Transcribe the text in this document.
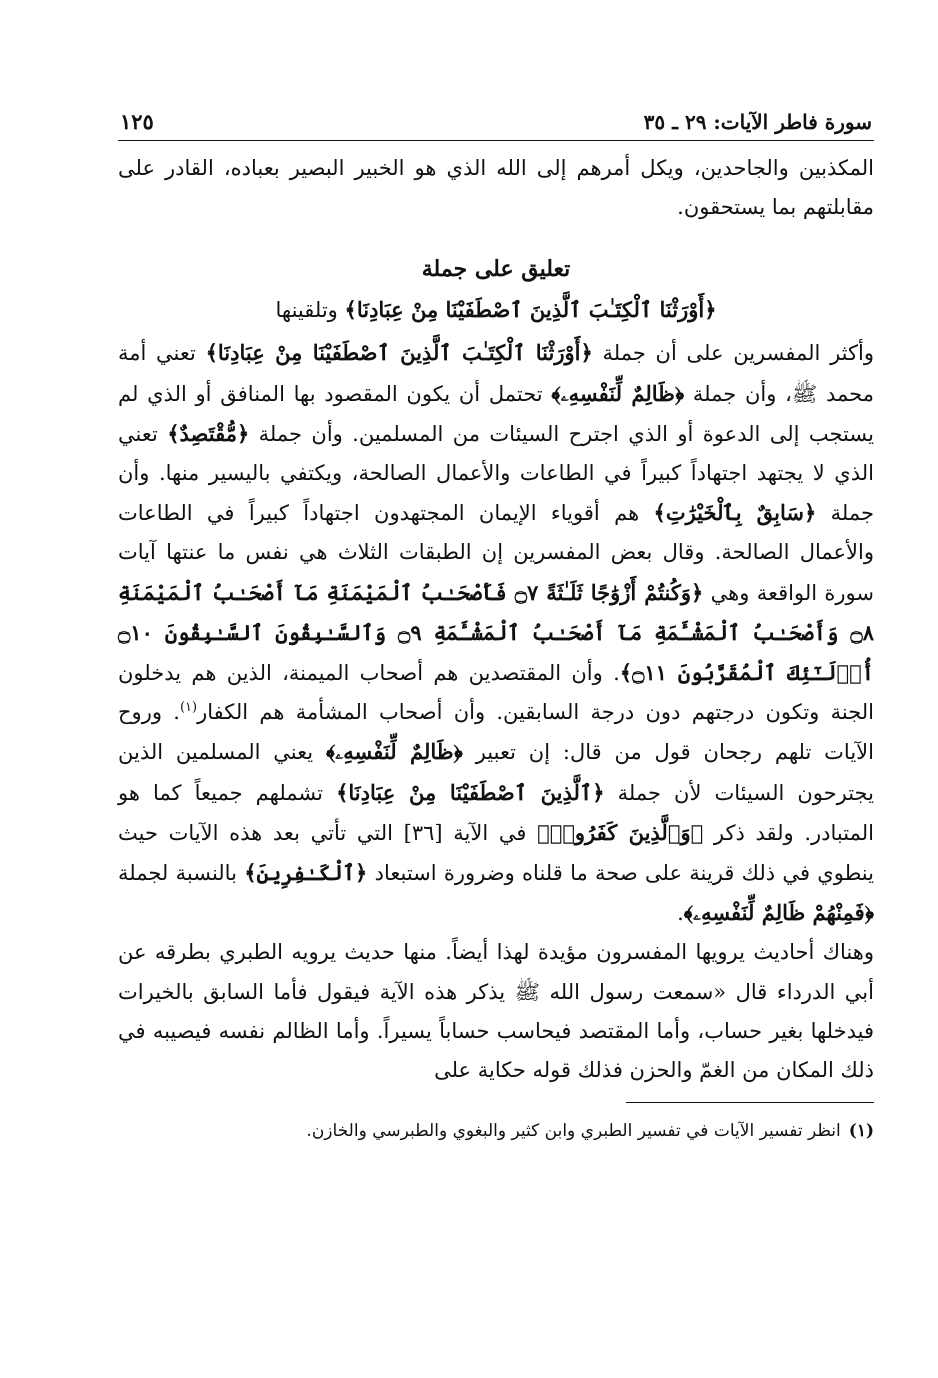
سورة فاطر الآيات: ٢٩ ـ ٣٥
١٢٥

المكذبين والجاحدين، ويكل أمرهم إلى الله الذي هو الخبير البصير بعباده، القادر على مقابلتهم بما يستحقون.

تعليق على جملة
﴿أَوْرَثْنَا ٱلْكِتَـٰبَ ٱلَّذِينَ ٱصْطَفَيْنَا مِنْ عِبَادِنَا﴾ وتلقينها

وأكثر المفسرين على أن جملة ﴿أَوْرَثْنَا ٱلْكِتَـٰبَ ٱلَّذِينَ ٱصْطَفَيْنَا مِنْ عِبَادِنَا﴾ تعني أمة محمد ﷺ، وأن جملة ﴿ظَالِمٌ لِّنَفْسِهِۦ﴾ تحتمل أن يكون المقصود بها المنافق أو الذي لم يستجب إلى الدعوة أو الذي اجترح السيئات من المسلمين. وأن جملة ﴿مُّقْتَصِدٌ﴾ تعني الذي لا يجتهد اجتهاداً كبيراً في الطاعات والأعمال الصالحة، ويكتفي باليسير منها. وأن جملة ﴿سَابِقٌ بِٱلْخَيْرَٰتِ﴾ هم أقوياء الإيمان المجتهدون اجتهاداً كبيراً في الطاعات والأعمال الصالحة. وقال بعض المفسرين إن الطبقات الثلاث هي نفس ما عنتها آيات سورة الواقعة وهي ﴿وَكُنتُمْ أَزْوَٰجًا ثَلَـٰثَةً ۝٧ فَأَصْحَـٰبُ ٱلْمَيْمَنَةِ مَآ أَصْحَـٰبُ ٱلْمَيْمَنَةِ ۝٨ وَأَصْحَـٰبُ ٱلْمَشْـَٔمَةِ مَآ أَصْحَـٰبُ ٱلْمَشْـَٔمَةِ ۝٩ وَٱلسَّـٰبِقُونَ ٱلسَّـٰبِقُونَ ۝١٠ أُو۟لَـٰٓئِكَ ٱلْمُقَرَّبُونَ ۝١١﴾. وأن المقتصدين هم أصحاب الميمنة، الذين هم يدخلون الجنة وتكون درجتهم دون درجة السابقين. وأن أصحاب المشأمة هم الكفار$^{(١)}$. وروح الآيات تلهم رجحان قول من قال: إن تعبير ﴿ظَالِمٌ لِّنَفْسِهِۦ﴾ يعني المسلمين الذين يجترحون السيئات لأن جملة ﴿ٱلَّذِينَ ٱصْطَفَيْنَا مِنْ عِبَادِنَا﴾ تشملهم جميعاً كما هو المتبادر. ولقد ذكر ﴿وَٱلَّذِينَ كَفَرُوا۟﴾ في الآية [٣٦] التي تأتي بعد هذه الآيات حيث ينطوي في ذلك قرينة على صحة ما قلناه وضرورة استبعاد ﴿ٱلْكَـٰفِرِينَ﴾ بالنسبة لجملة ﴿فَمِنْهُمْ ظَالِمٌ لِّنَفْسِهِۦ﴾.

وهناك أحاديث يرويها المفسرون مؤيدة لهذا أيضاً. منها حديث يرويه الطبري بطرقه عن أبي الدرداء قال «سمعت رسول الله ﷺ يذكر هذه الآية فيقول فأما السابق بالخيرات فيدخلها بغير حساب، وأما المقتصد فيحاسب حساباً يسيراً. وأما الظالم نفسه فيصيبه في ذلك المكان من الغمّ والحزن فذلك قوله حكاية على

(١)انظر تفسير الآيات في تفسير الطبري وابن كثير والبغوي والطبرسي والخازن.
